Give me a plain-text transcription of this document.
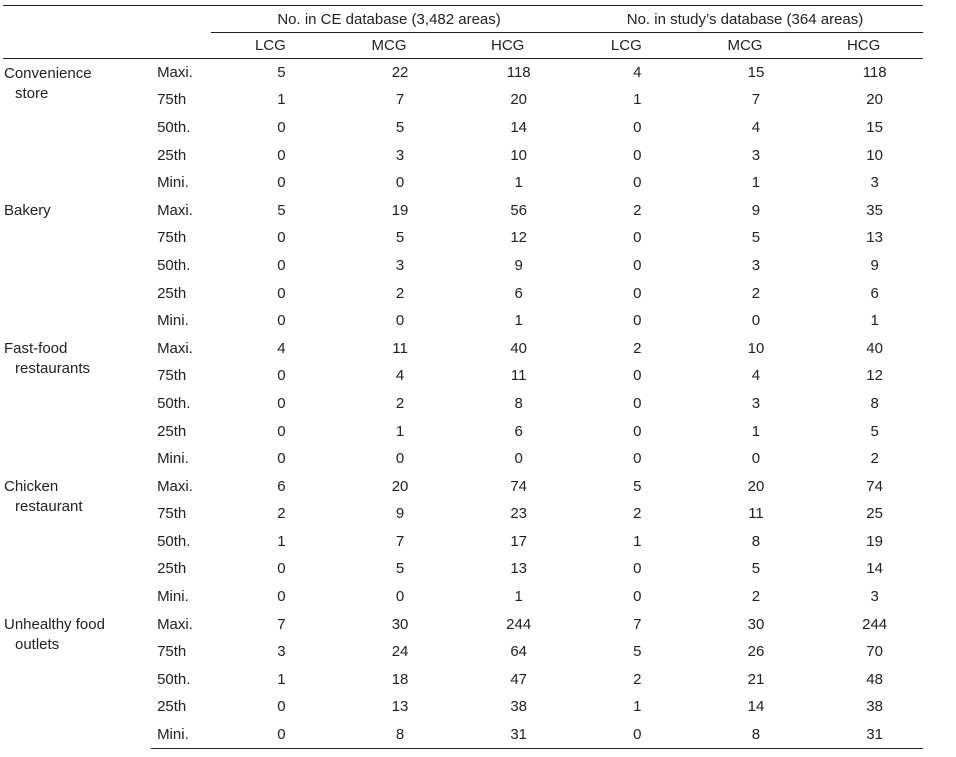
		No. in CE database (3,482 areas)			No. in study’s database (364 areas)		
		LCG	MCG	HCG	LCG	MCG	HCG
Convenience
store	Maxi.	5	22	118	4	15	118
	75th	1	7	20	1	7	20
	50th.	0	5	14	0	4	15
	25th	0	3	10	0	3	10
	Mini.	0	0	1	0	1	3
Bakery	Maxi.	5	19	56	2	9	35
	75th	0	5	12	0	5	13
	50th.	0	3	9	0	3	9
	25th	0	2	6	0	2	6
	Mini.	0	0	1	0	0	1
Fast-food
restaurants	Maxi.	4	11	40	2	10	40
	75th	0	4	11	0	4	12
	50th.	0	2	8	0	3	8
	25th	0	1	6	0	1	5
	Mini.	0	0	0	0	0	2
Chicken
restaurant	Maxi.	6	20	74	5	20	74
	75th	2	9	23	2	11	25
	50th.	1	7	17	1	8	19
	25th	0	5	13	0	5	14
	Mini.	0	0	1	0	2	3
Unhealthy food
outlets	Maxi.	7	30	244	7	30	244
	75th	3	24	64	5	26	70
	50th.	1	18	47	2	21	48
	25th	0	13	38	1	14	38
	Mini.	0	8	31	0	8	31
